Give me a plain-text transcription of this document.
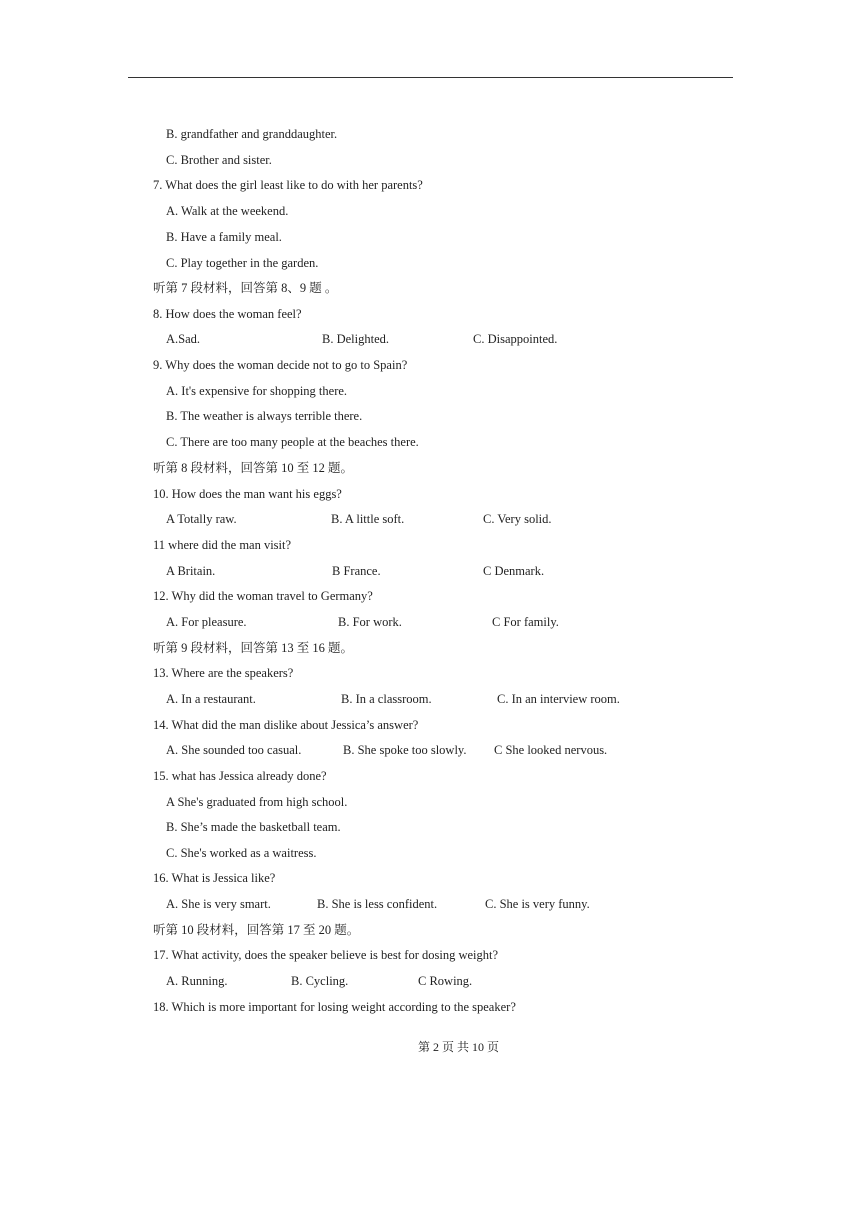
B. grandfather and granddaughter.
C. Brother and sister.
7. What does the girl least like to do with her parents?
A. Walk at the weekend.
B. Have a family meal.
C. Play together in the garden.
听第 7 段材料，回答第 8、9 题 。
8. How does the woman feel?
A.Sad.	B. Delighted.	C. Disappointed.
9. Why does the woman decide not to go to Spain?
A. It's expensive for shopping there.
B. The weather is always terrible there.
C. There are too many people at the beaches there.
听第 8 段材料，回答第 10 至 12 题。
10. How does the man want his eggs?
A Totally raw.	B. A little soft.	C. Very solid.
11 where did the man visit?
A Britain.	B France.	C Denmark.
12. Why did the woman travel to Germany?
A. For pleasure.	B. For work.	C For family.
听第 9 段材料，回答第 13 至 16 题。
13. Where are the speakers?
A. In a restaurant.	B. In a classroom.	C. In an interview room.
14. What did the man dislike about Jessica’s answer?
A. She sounded too casual.	B. She spoke too slowly. C She looked nervous.
15. what has Jessica already done?
A She's graduated from high school.
B. She’s made the basketball team.
C. She's worked as a waitress.
16. What is Jessica like?
A. She is very smart.	B. She is less confident.	C. She is very funny.
听第 10 段材料，回答第 17 至 20 题。
17. What activity, does the speaker believe is best for dosing weight?
A. Running.	B. Cycling.	C Rowing.
18. Which is more important for losing weight according to the speaker?
第 2 页 共 10 页
